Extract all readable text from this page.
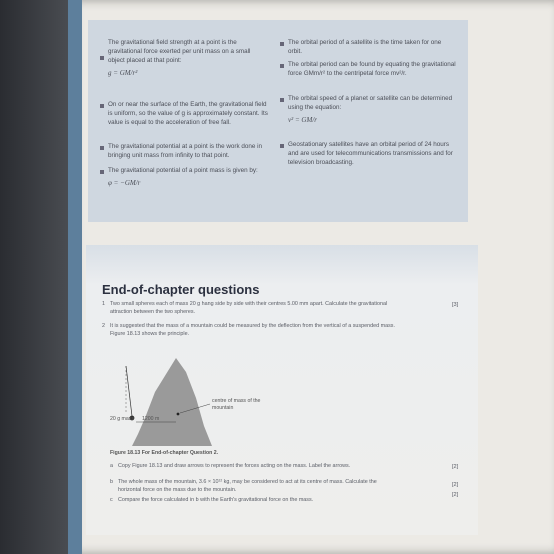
The gravitational field strength at a point is the gravitational force exerted per unit mass on a small object placed at that point:
g = GM/r²
On or near the surface of the Earth, the gravitational field is uniform, so the value of g is approximately constant. Its value is equal to the acceleration of free fall.
The gravitational potential at a point is the work done in bringing unit mass from infinity to that point.
The gravitational potential of a point mass is given by:
φ = −GM/r
The orbital period of a satellite is the time taken for one orbit.
The orbital period can be found by equating the gravitational force GMm/r² to the centripetal force mv²/r.
The orbital speed of a planet or satellite can be determined using the equation:
v² = GM/r
Geostationary satellites have an orbital period of 24 hours and are used for telecommunications transmissions and for television broadcasting.
End-of-chapter questions
1 Two small spheres each of mass 20 g hang side by side with their centres 5.00 mm apart. Calculate the gravitational attraction between the two spheres.
[3]
2 It is suggested that the mass of a mountain could be measured by the deflection from the vertical of a suspended mass. Figure 18.13 shows the principle.
centre of mass of the mountain
20 g mass 1200 m
Figure 18.13 For End-of-chapter Question 2.
a Copy Figure 18.13 and draw arrows to represent the forces acting on the mass. Label the arrows.	[2]
b The whole mass of the mountain, 3.6 × 10¹² kg, may be considered to act at its centre of mass. Calculate the horizontal force on the mass due to the mountain.
[2]
c Compare the force calculated in b with the Earth's gravitational force on the mass.
[2]
